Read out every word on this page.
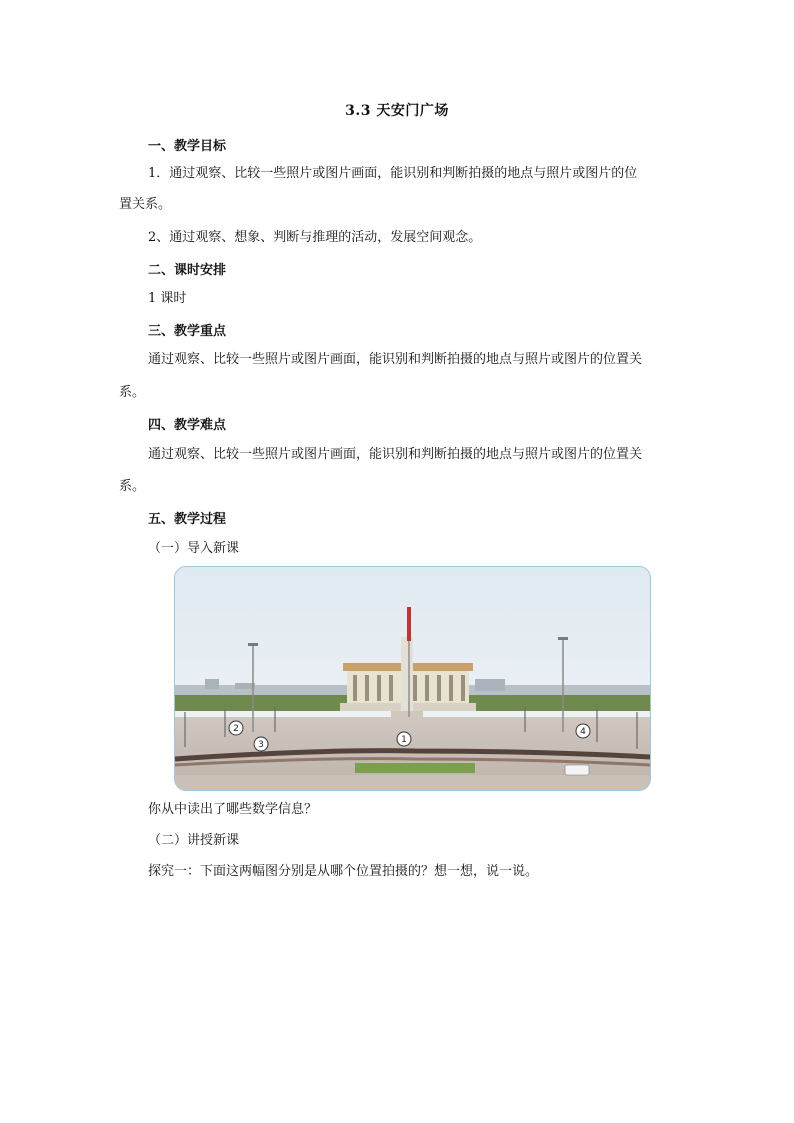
3.3 天安门广场
一、教学目标
1．通过观察、比较一些照片或图片画面，能识别和判断拍摄的地点与照片或图片的位
置关系。
2、通过观察、想象、判断与推理的活动，发展空间观念。
二、课时安排
1 课时
三、教学重点
通过观察、比较一些照片或图片画面，能识别和判断拍摄的地点与照片或图片的位置关
系。
四、教学难点
通过观察、比较一些照片或图片画面，能识别和判断拍摄的地点与照片或图片的位置关
系。
五、教学过程
（一）导入新课
1
2
3
4
你从中读出了哪些数学信息？
（二）讲授新课
探究一：下面这两幅图分别是从哪个位置拍摄的？想一想，说一说。
